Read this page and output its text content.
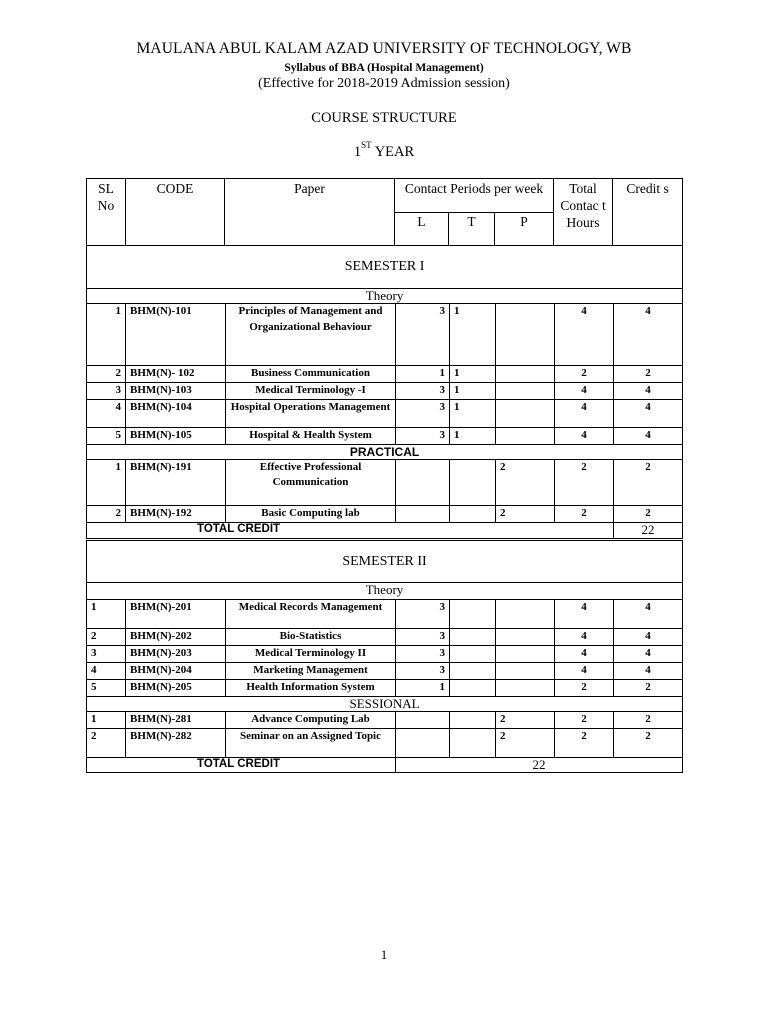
MAULANA ABUL KALAM AZAD UNIVERSITY OF TECHNOLOGY, WB
Syllabus of BBA (Hospital Management)
(Effective for 2018-2019 Admission session)
COURSE STRUCTURE
1ST YEAR
SL No	CODE	Paper	Contact Periods per week			Total Contac t Hours	Credit s
			L	T	P		
SEMESTER I							
Theory							
1	BHM(N)-101	Principles of Management and Organizational Behaviour	3	1		4	4
2	BHM(N)- 102	Business Communication	1	1		2	2
3	BHM(N)-103	Medical Terminology -I	3	1		4	4
4	BHM(N)-104	Hospital Operations Management	3	1		4	4
5	BHM(N)-105	Hospital & Health System	3	1		4	4
PRACTICAL							
1	BHM(N)-191	Effective Professional Communication			2	2	2
2	BHM(N)-192	Basic Computing lab			2	2	2
TOTAL CREDIT							22
SEMESTER II							
Theory							
1	BHM(N)-201	Medical Records Management	3			4	4
2	BHM(N)-202	Bio-Statistics	3			4	4
3	BHM(N)-203	Medical Terminology II	3			4	4
4	BHM(N)-204	Marketing Management	3			4	4
5	BHM(N)-205	Health Information System	1			2	2
SESSIONAL							
1	BHM(N)-281	Advance Computing Lab			2	2	2
2	BHM(N)-282	Seminar on an Assigned Topic			2	2	2
TOTAL CREDIT			22				
1
